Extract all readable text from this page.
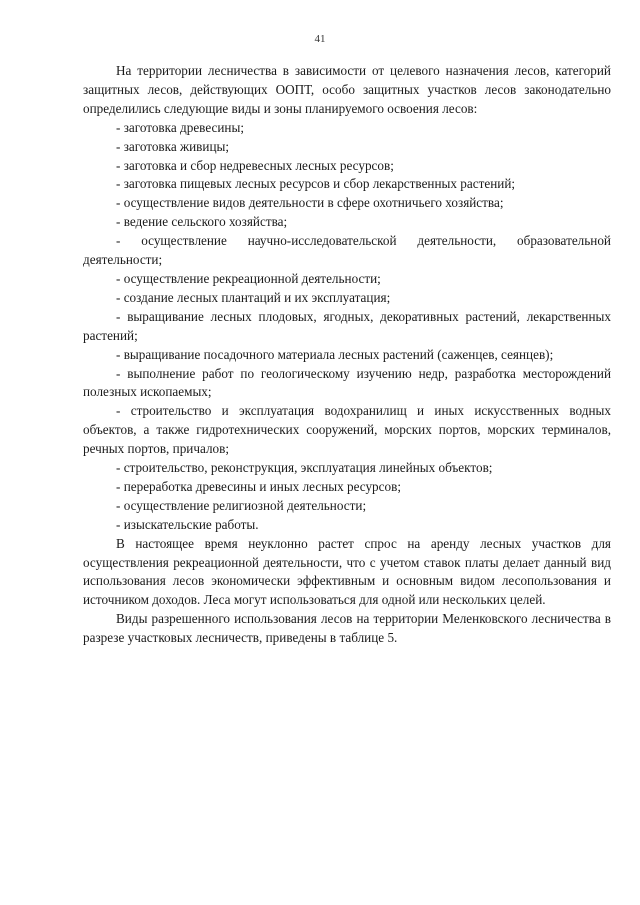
41

На территории лесничества в зависимости от целевого назначения лесов, категорий защитных лесов, действующих ООПТ, особо защитных участков лесов законодательно определились следующие виды и зоны планируемого освоения лесов:

- заготовка древесины;

- заготовка живицы;

- заготовка и сбор недревесных лесных ресурсов;

- заготовка пищевых лесных ресурсов и сбор лекарственных растений;

- осуществление видов деятельности в сфере охотничьего хозяйства;

- ведение сельского хозяйства;

- осуществление научно-исследовательской деятельности, образовательной деятельности;

- осуществление рекреационной деятельности;

- создание лесных плантаций и их эксплуатация;

- выращивание лесных плодовых, ягодных, декоративных растений, лекарственных растений;

- выращивание посадочного материала лесных растений (саженцев, сеянцев);

- выполнение работ по геологическому изучению недр, разработка месторождений полезных ископаемых;

- строительство и эксплуатация водохранилищ и иных искусственных водных объектов, а также гидротехнических сооружений, морских портов, морских терминалов, речных портов, причалов;

- строительство, реконструкция, эксплуатация линейных объектов;

- переработка древесины и иных лесных ресурсов;

- осуществление религиозной деятельности;

- изыскательские работы.

В настоящее время неуклонно растет спрос на аренду лесных участков для осуществления рекреационной деятельности, что с учетом ставок платы делает данный вид использования лесов экономически эффективным и основным видом лесопользования и источником доходов. Леса могут использоваться для одной или нескольких целей.

Виды разрешенного использования лесов на территории Меленковского лесничества в разрезе участковых лесничеств, приведены в таблице 5.
